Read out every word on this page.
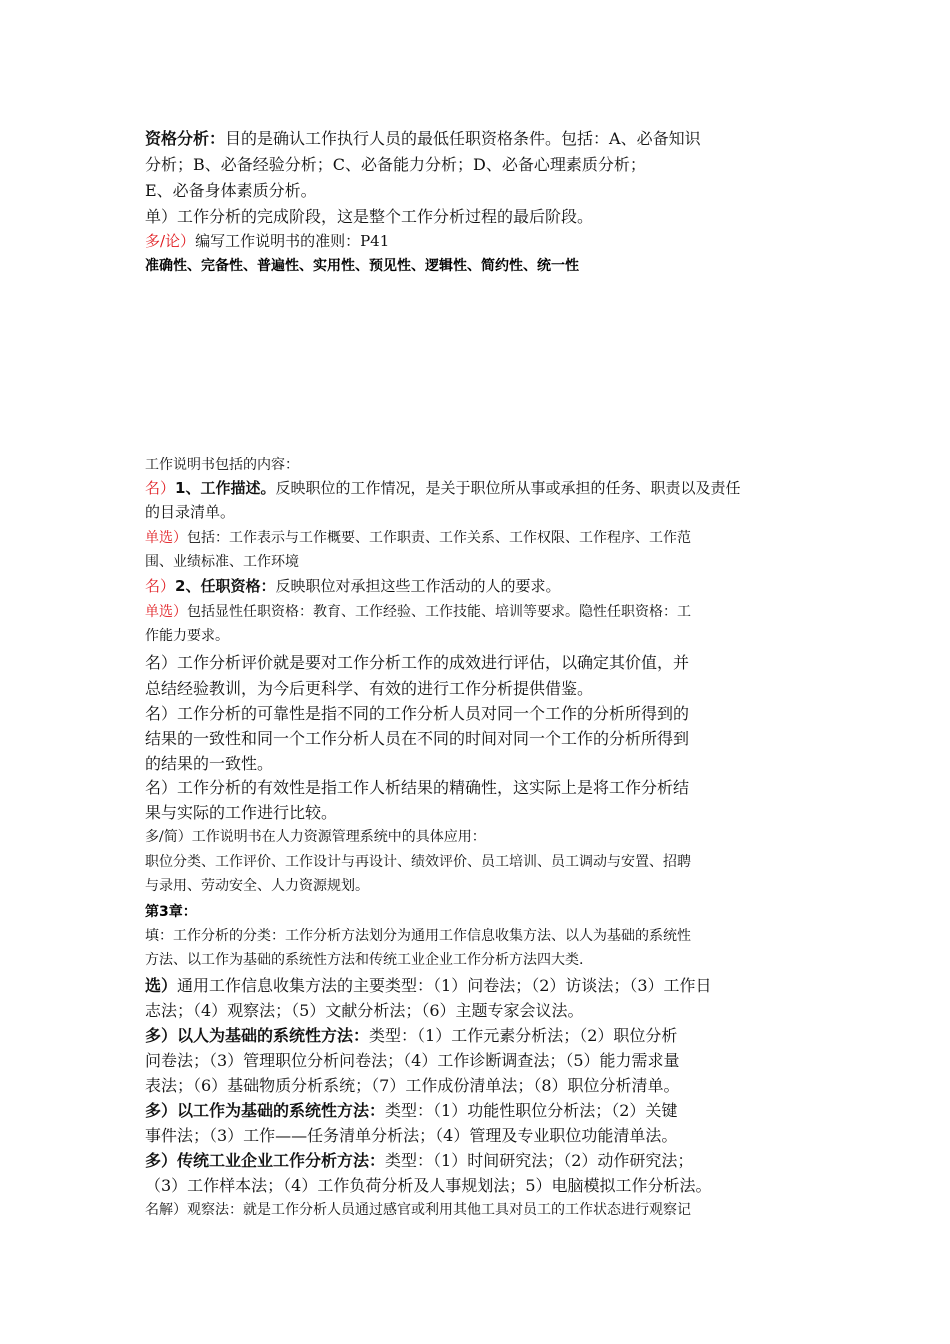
资格分析：目的是确认工作执行人员的最低任职资格条件。包括：A、必备知识
分析；B、必备经验分析；C、必备能力分析；D、必备心理素质分析；
E、必备身体素质分析。
单）工作分析的完成阶段，这是整个工作分析过程的最后阶段。
多/论）编写工作说明书的准则：P41
准确性、完备性、普遍性、实用性、预见性、逻辑性、简约性、统一性
工作说明书包括的内容：
名）1、工作描述。反映职位的工作情况，是关于职位所从事或承担的任务、职责以及责任
的目录清单。
单选）包括：工作表示与工作概要、工作职责、工作关系、工作权限、工作程序、工作范
围、业绩标准、工作环境
名）2、任职资格：反映职位对承担这些工作活动的人的要求。
单选）包括显性任职资格：教育、工作经验、工作技能、培训等要求。隐性任职资格：工
作能力要求。
名）工作分析评价就是要对工作分析工作的成效进行评估，以确定其价值，并
总结经验教训，为今后更科学、有效的进行工作分析提供借鉴。
名）工作分析的可靠性是指不同的工作分析人员对同一个工作的分析所得到的
结果的一致性和同一个工作分析人员在不同的时间对同一个工作的分析所得到
的结果的一致性。
名）工作分析的有效性是指工作人析结果的精确性，这实际上是将工作分析结
果与实际的工作进行比较。
多/简）工作说明书在人力资源管理系统中的具体应用：
职位分类、工作评价、工作设计与再设计、绩效评价、员工培训、员工调动与安置、招聘
与录用、劳动安全、人力资源规划。
第3章：
填：工作分析的分类：工作分析方法划分为通用工作信息收集方法、以人为基础的系统性
方法、以工作为基础的系统性方法和传统工业企业工作分析方法四大类.
选）通用工作信息收集方法的主要类型：（1）问卷法；（2）访谈法；（3）工作日
志法；（4）观察法；（5）文献分析法；（6）主题专家会议法。
多）以人为基础的系统性方法：类型：（1）工作元素分析法；（2）职位分析
问卷法；（3）管理职位分析问卷法；（4）工作诊断调查法；（5）能力需求量
表法；（6）基础物质分析系统；（7）工作成份清单法；（8）职位分析清单。
多）以工作为基础的系统性方法：类型：（1）功能性职位分析法；（2）关键
事件法；（3）工作——任务清单分析法；（4）管理及专业职位功能清单法。
多）传统工业企业工作分析方法：类型：（1）时间研究法；（2）动作研究法；
（3）工作样本法；（4）工作负荷分析及人事规划法；5）电脑模拟工作分析法。
名解）观察法：就是工作分析人员通过感官或利用其他工具对员工的工作状态进行观察记
